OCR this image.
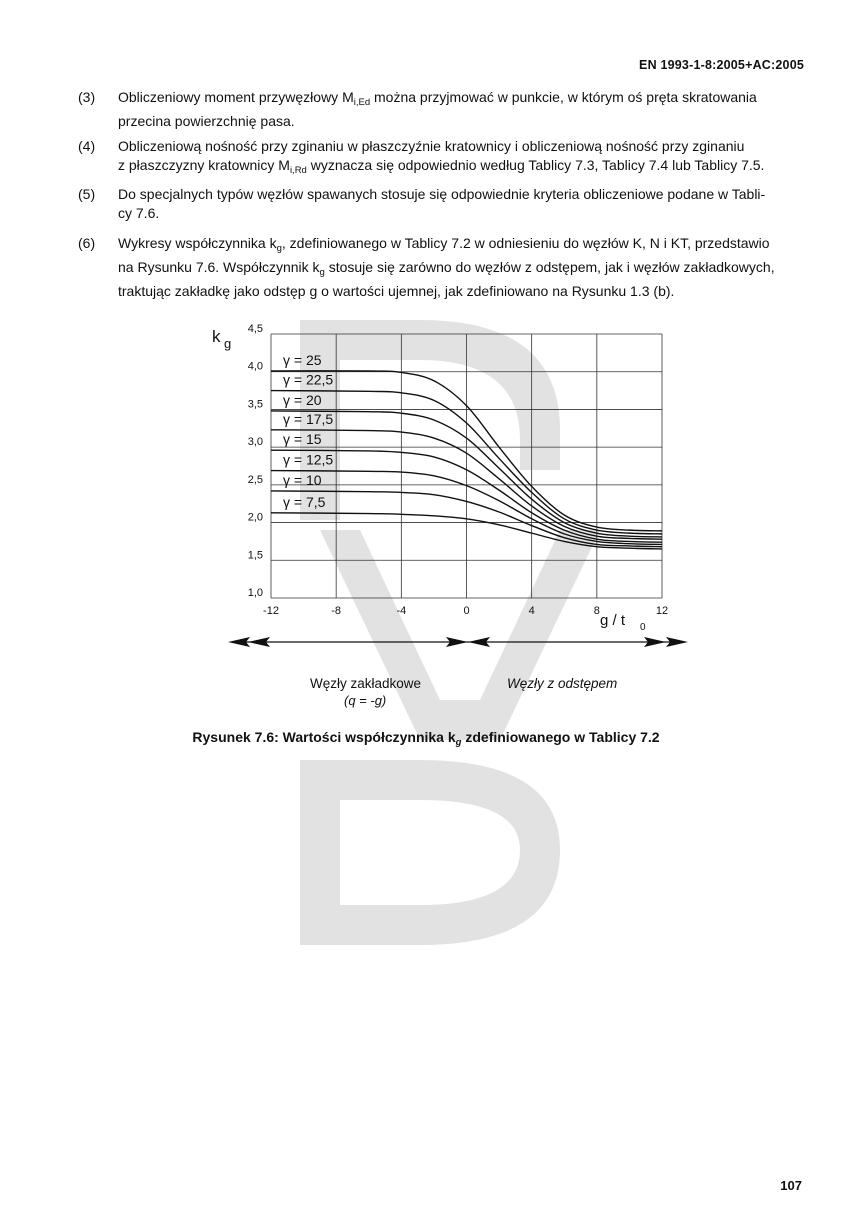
EN 1993-1-8:2005+AC:2005
(3)	Obliczeniowy moment przywęzłowy $M_{i,Ed}$ można przyjmować w punkcie, w którym oś pręta skratowania
przecina powierzchnię pasa.
(4)	Obliczeniową nośność przy zginaniu w płaszczyźnie kratownicy i obliczeniową nośność przy zginaniu
z płaszczyzny kratownicy $M_{i,Rd}$ wyznacza się odpowiednio według Tablicy 7.3, Tablicy 7.4 lub Tablicy 7.5.
(5)	Do specjalnych typów węzłów spawanych stosuje się odpowiednie kryteria obliczeniowe podane w Tabli-
cy 7.6.
(6)	Wykresy współczynnika $k_g$, zdefiniowanego w Tablicy 7.2 w odniesieniu do węzłów K, N i KT, przedstawio
na Rysunku 7.6. Współczynnik $k_g$ stosuje się zarówno do węzłów z odstępem, jak i węzłów zakładkowych,
traktując zakładkę jako odstęp g o wartości ujemnej, jak zdefiniowano na Rysunku 1.3 (b).
-12	-8	-4	0	4	8	12
1,0
1,5
2,0
2,5
3,0
3,5
4,0
4,5
k g
g / t 0
γ = 25
γ = 22,5
γ = 20
γ = 17,5
γ = 15
γ = 12,5
γ = 10
γ = 7,5
Węzły zakładkowe
(q = -g)
Węzły z odstępem
Rysunek 7.6: Wartości współczynnika $k_g$ zdefiniowanego w Tablicy 7.2
107
